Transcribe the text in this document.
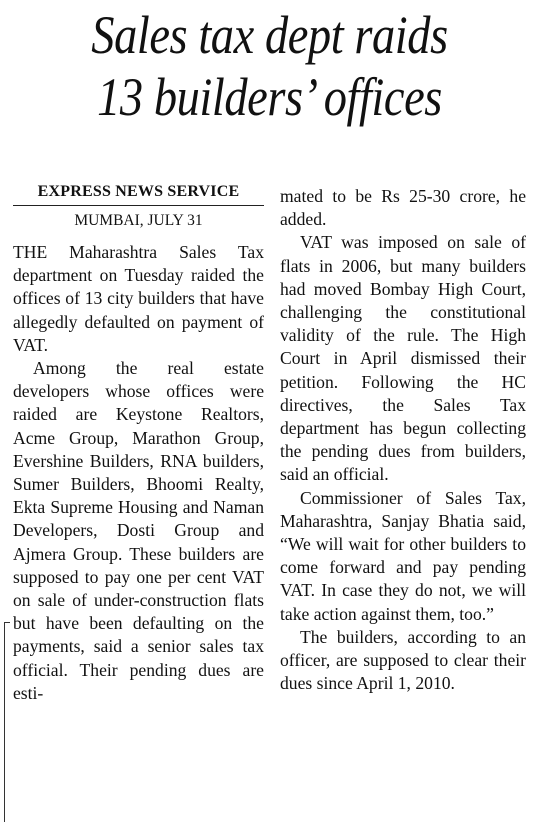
Sales tax dept raids
13 builders’ offices
EXPRESS NEWS SERVICE
MUMBAI, JULY 31

THE Maharashtra Sales Tax department on Tuesday raided the offices of 13 city builders that have allegedly defaulted on payment of VAT.

Among the real estate developers whose offices were raided are Keystone Realtors, Acme Group, Marathon Group, Evershine Builders, RNA builders, Sumer Builders, Bhoomi Realty, Ekta Supreme Housing and Naman Developers, Dosti Group and Ajmera Group. These builders are supposed to pay one per cent VAT on sale of under-construction flats but have been defaulting on the payments, said a senior sales tax official. Their pending dues are esti-

mated to be Rs 25-30 crore, he added.

VAT was imposed on sale of flats in 2006, but many builders had moved Bombay High Court, challenging the constitutional validity of the rule. The High Court in April dismissed their petition. Following the HC directives, the Sales Tax department has begun collecting the pending dues from builders, said an official.

Commissioner of Sales Tax, Maharashtra, Sanjay Bhatia said, “We will wait for other builders to come forward and pay pending VAT. In case they do not, we will take action against them, too.”

The builders, according to an officer, are supposed to clear their dues since April 1, 2010.
